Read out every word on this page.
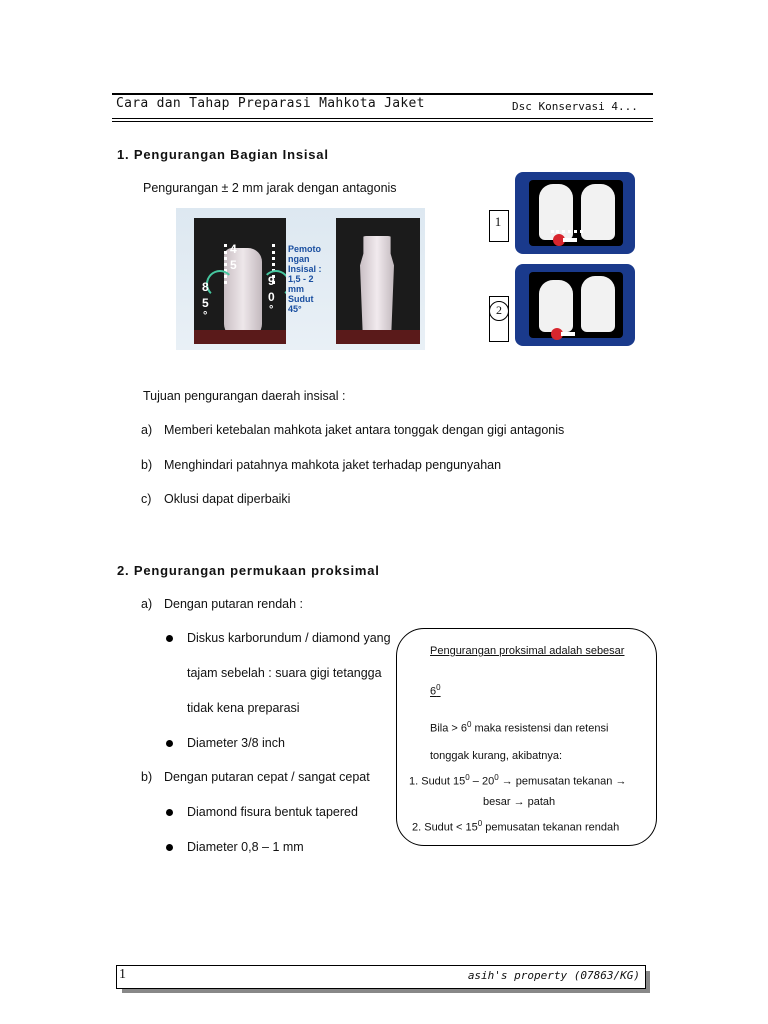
Cara dan Tahap Preparasi Mahkota Jaket	Dsc Konservasi 4...
1. Pengurangan Bagian Insisal
Pengurangan ± 2 mm jarak dengan antagonis
4
5
8
5
°
9
0
°
Pemoto
ngan
Insisal :
1,5 - 2
mm
Sudut
45°
1
2
Tujuan pengurangan daerah insisal :
a) Memberi ketebalan mahkota jaket antara tonggak dengan gigi antagonis
b) Menghindari patahnya mahkota jaket terhadap pengunyahan
c) Oklusi dapat diperbaiki
2. Pengurangan permukaan proksimal
a) Dengan putaran rendah :
Diskus karborundum / diamond yang
tajam sebelah : suara gigi tetangga
tidak kena preparasi
Diameter 3/8 inch
b) Dengan putaran cepat / sangat cepat
Diamond fisura bentuk tapered
Diameter 0,8 – 1 mm
Pengurangan proksimal adalah sebesar
$6^0$
Bila > $6^0$ maka resistensi dan retensi
tonggak kurang, akibatnya:
1. Sudut $15^0 - 20^0$ → pemusatan tekanan →
besar → patah
2. Sudut < $15^0$ pemusatan tekanan rendah
1	asih's property (07863/KG)
